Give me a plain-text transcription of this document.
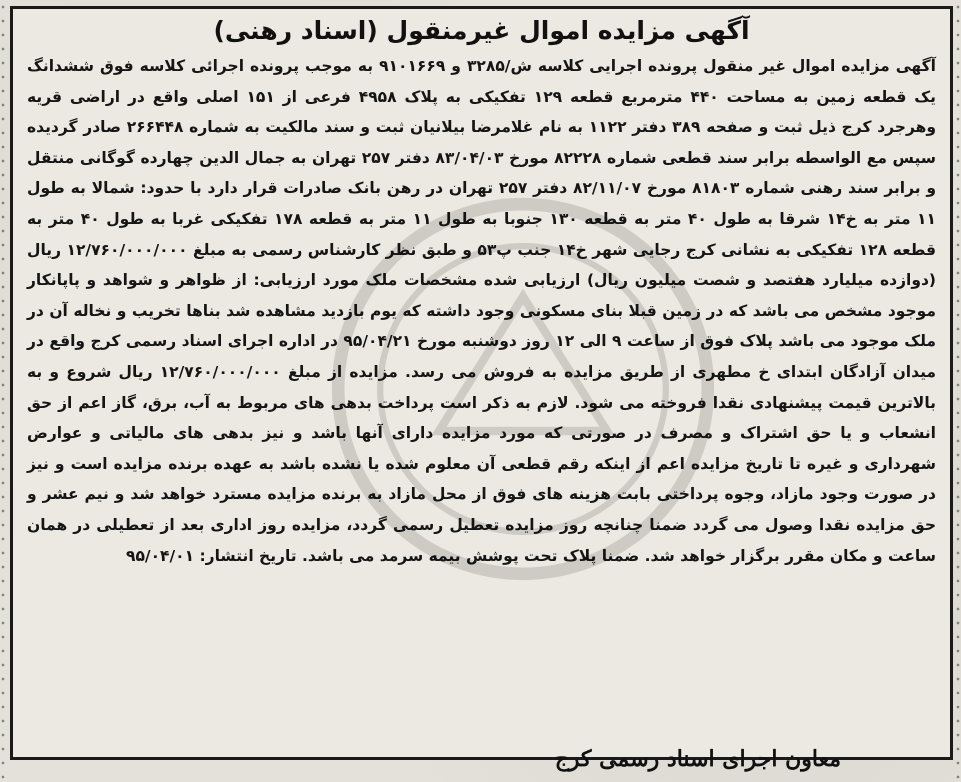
آگهی مزایده اموال غیرمنقول (اسناد رهنی)

آگهی مزایده اموال غیر منقول پرونده اجرایی کلاسه ش/۳۲۸۵ و ۹۱۰۱۶۶۹ به موجب پرونده اجرائی کلاسه فوق ششدانگ یک قطعه زمین به مساحت ۴۴۰ مترمربع قطعه ۱۲۹ تفکیکی به پلاک ۴۹۵۸ فرعی از ۱۵۱ اصلی واقع در اراضی قریه وهرجرد کرج ذیل ثبت و صفحه ۳۸۹ دفتر ۱۱۲۲ به نام غلامرضا بیلانیان ثبت و سند مالکیت به شماره ۲۶۶۴۴۸ صادر گردیده سپس مع الواسطه برابر سند قطعی شماره ۸۲۲۲۸ مورخ ۸۳/۰۴/۰۳ دفتر ۲۵۷ تهران به جمال الدین چهارده گوگانی منتقل و برابر سند رهنی شماره ۸۱۸۰۳ مورخ ۸۲/۱۱/۰۷ دفتر ۲۵۷ تهران در رهن بانک صادرات قرار دارد با حدود: شمالا به طول ۱۱ متر به خ۱۴ شرقا به طول ۴۰ متر به قطعه ۱۳۰ جنوبا به طول ۱۱ متر به قطعه ۱۷۸ تفکیکی غربا به طول ۴۰ متر به قطعه ۱۲۸ تفکیکی به نشانی کرج رجایی شهر خ۱۴ جنب پ۵۳ و طبق نظر کارشناس رسمی به مبلغ ۱۲/۷۶۰/۰۰۰/۰۰۰ ریال (دوازده میلیارد هفتصد و شصت میلیون ریال) ارزیابی شده مشخصات ملک مورد ارزیابی: از ظواهر و شواهد و پاپانکار موجود مشخص می باشد که در زمین قبلا بنای مسکونی وجود داشته که یوم بازدید مشاهده شد بناها تخریب و نخاله آن در ملک موجود می باشد پلاک فوق از ساعت ۹ الی ۱۲ روز دوشنبه مورخ ۹۵/۰۴/۲۱ در اداره اجرای اسناد رسمی کرج واقع در میدان آزادگان ابتدای خ مطهری از طریق مزایده به فروش می رسد. مزایده از مبلغ ۱۲/۷۶۰/۰۰۰/۰۰۰ ریال شروع و به بالاترین قیمت پیشنهادی نقدا فروخته می شود. لازم به ذکر است پرداخت بدهی های مربوط به آب، برق، گاز اعم از حق انشعاب و یا حق اشتراک و مصرف در صورتی که مورد مزایده دارای آنها باشد و نیز بدهی های مالیاتی و عوارض شهرداری و غیره تا تاریخ مزایده اعم از اینکه رقم قطعی آن معلوم شده یا نشده باشد به عهده برنده مزایده است و نیز در صورت وجود مازاد، وجوه پرداختی بابت هزینه های فوق از محل مازاد به برنده مزایده مسترد خواهد شد و نیم عشر و حق مزایده نقدا وصول می گردد ضمنا چنانچه روز مزایده تعطیل رسمی گردد، مزایده روز اداری بعد از تعطیلی در همان ساعت و مکان مقرر برگزار خواهد شد. ضمنا پلاک تحت پوشش بیمه سرمد می باشد. تاریخ انتشار: ۹۵/۰۴/۰۱

معاون اجرای اسناد رسمی کرج
